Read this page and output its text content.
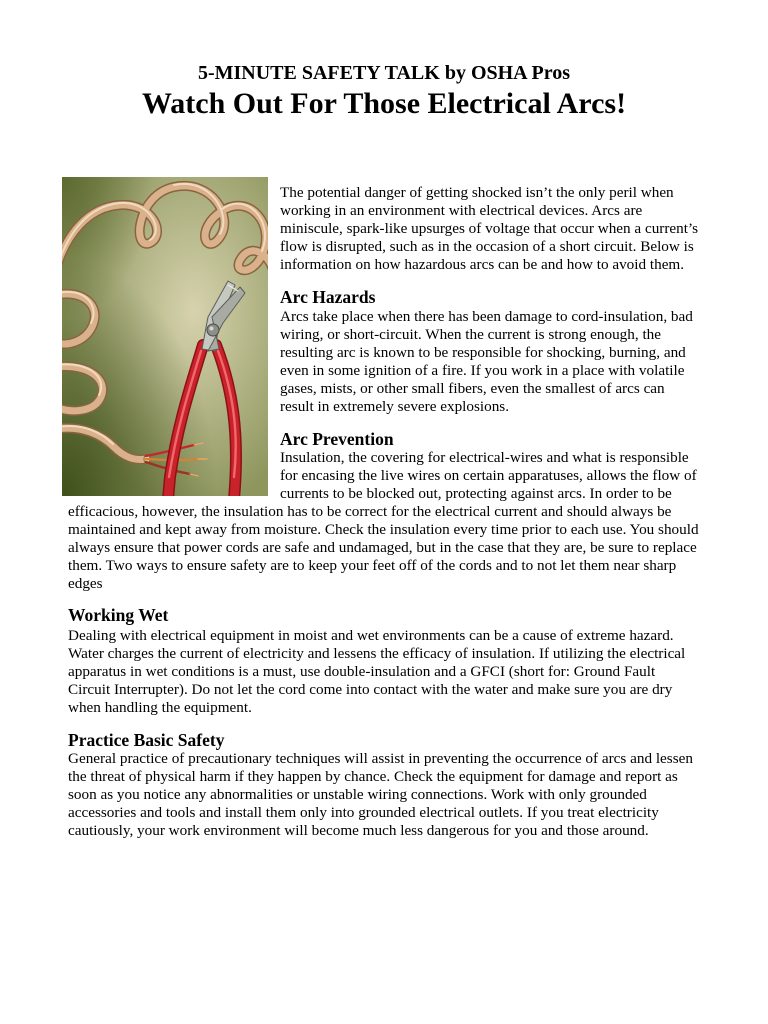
5-MINUTE SAFETY TALK by OSHA Pros
Watch Out For Those Electrical Arcs!
The potential danger of getting shocked isn’t the only peril when
working in an environment with electrical devices. Arcs are
miniscule, spark-like upsurges of voltage that occur when a current’s
flow is disrupted, such as in the occasion of a short circuit. Below is
information on how hazardous arcs can be and how to avoid them.
Arc Hazards
Arcs take place when there has been damage to cord-insulation, bad
wiring, or short-circuit. When the current is strong enough, the
resulting arc is known to be responsible for shocking, burning, and
even in some ignition of a fire. If you work in a place with volatile
gases, mists, or other small fibers, even the smallest of arcs can
result in extremely severe explosions.
Arc Prevention
Insulation, the covering for electrical-wires and what is responsible
for encasing the live wires on certain apparatuses, allows the flow of
currents to be blocked out, protecting against arcs. In order to be
efficacious, however, the insulation has to be correct for the electrical current and should always be
maintained and kept away from moisture. Check the insulation every time prior to each use. You should
always ensure that power cords are safe and undamaged, but in the case that they are, be sure to replace
them. Two ways to ensure safety are to keep your feet off of the cords and to not let them near sharp
edges
Working Wet
Dealing with electrical equipment in moist and wet environments can be a cause of extreme hazard.
Water charges the current of electricity and lessens the efficacy of insulation. If utilizing the electrical
apparatus in wet conditions is a must, use double-insulation and a GFCI (short for: Ground Fault
Circuit Interrupter). Do not let the cord come into contact with the water and make sure you are dry
when handling the equipment.
Practice Basic Safety
General practice of precautionary techniques will assist in preventing the occurrence of arcs and lessen
the threat of physical harm if they happen by chance. Check the equipment for damage and report as
soon as you notice any abnormalities or unstable wiring connections. Work with only grounded
accessories and tools and install them only into grounded electrical outlets. If you treat electricity
cautiously, your work environment will become much less dangerous for you and those around.
